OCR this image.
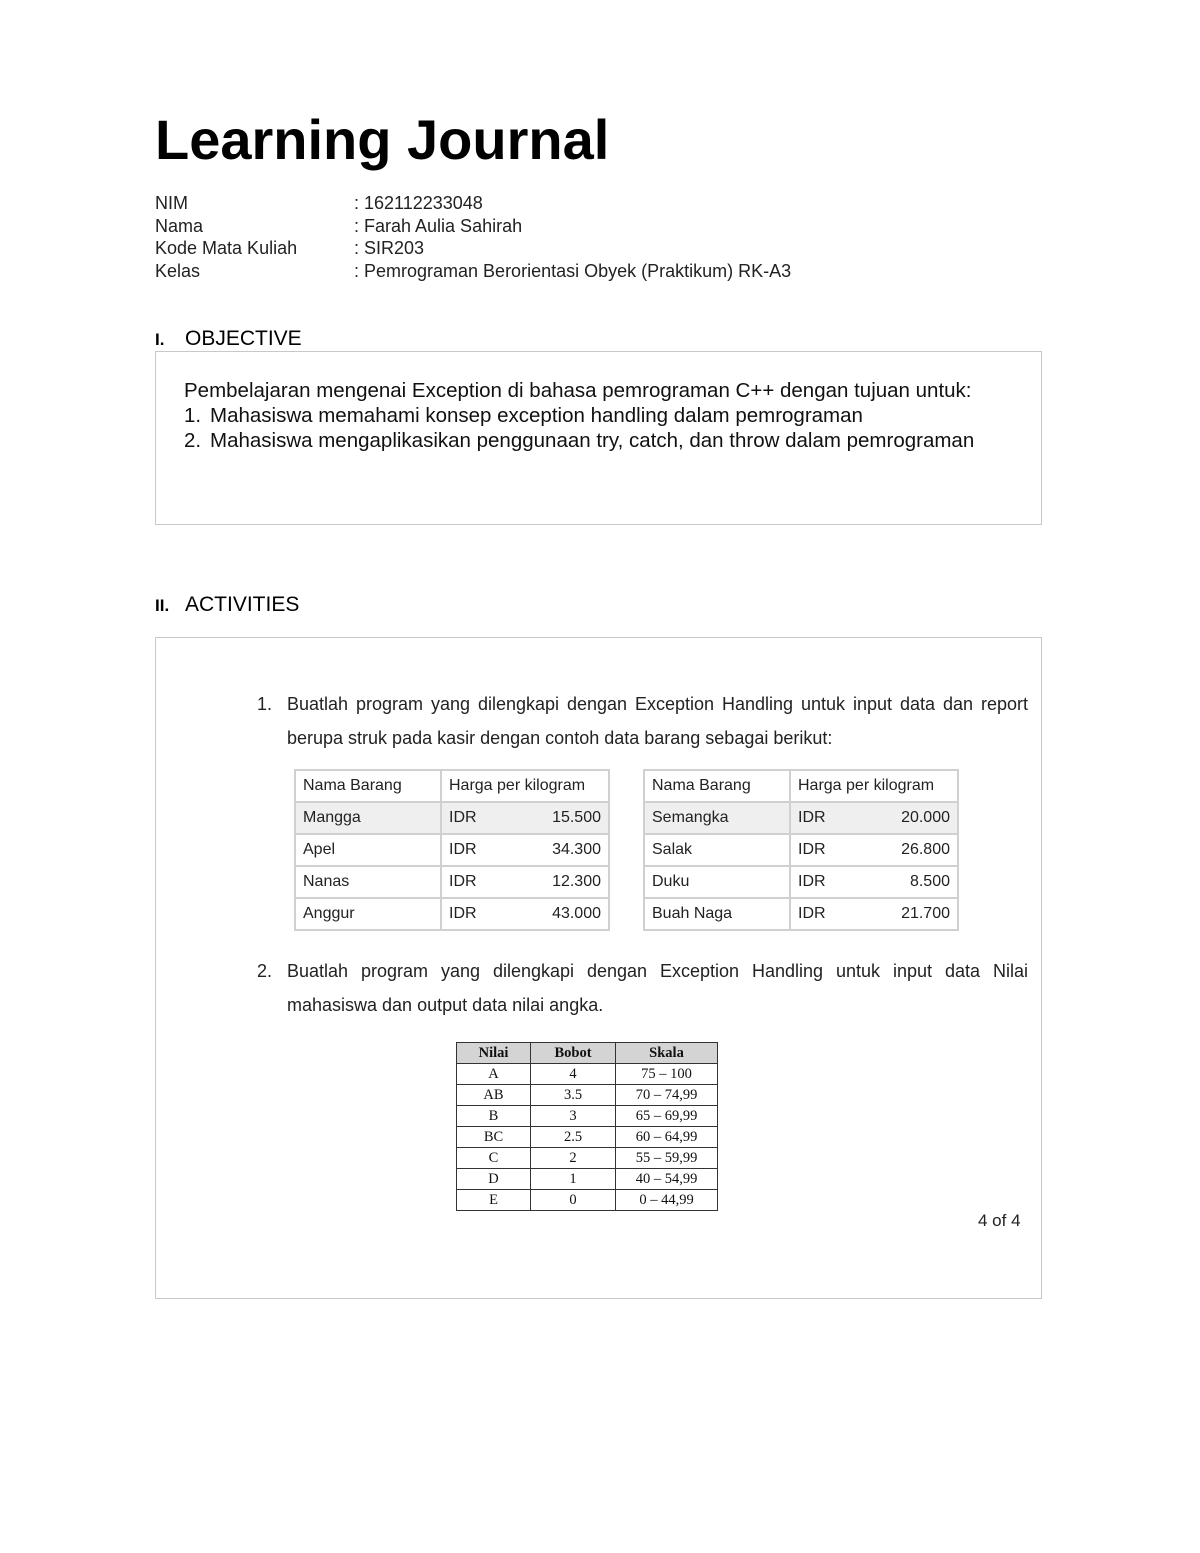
Learning Journal
NIM	: 162112233048
Nama	: Farah Aulia Sahirah
Kode Mata Kuliah	: SIR203
Kelas	: Pemrograman Berorientasi Obyek (Praktikum) RK-A3
I. OBJECTIVE

Pembelajaran mengenai Exception di bahasa pemrograman C++ dengan tujuan untuk:

1. Mahasiswa memahami konsep exception handling dalam pemrograman
2. Mahasiswa mengaplikasikan penggunaan try, catch, dan throw dalam pemrograman
II. ACTIVITIES
1. Buatlah program yang dilengkapi dengan Exception Handling untuk input data dan report berupa struk pada kasir dengan contoh data barang sebagai berikut:
Nama Barang	Harga per kilogram
Mangga	IDR 15.500

Apel	IDR 34.300

Nanas	IDR 12.300

Anggur	IDR 43.000
Nama Barang	Harga per kilogram
Semangka	IDR 20.000

Salak	IDR 26.800

Duku	IDR 8.500

Buah Naga	IDR 21.700
2. Buatlah program yang dilengkapi dengan Exception Handling untuk input data Nilai mahasiswa dan output data nilai angka.
Nilai	Bobot	Skala
A	4	75 – 100
AB	3.5	70 – 74,99
B	3	65 – 69,99
BC	2.5	60 – 64,99
C	2	55 – 59,99
D	1	40 – 54,99
E	0	0 – 44,99
4 of 4
